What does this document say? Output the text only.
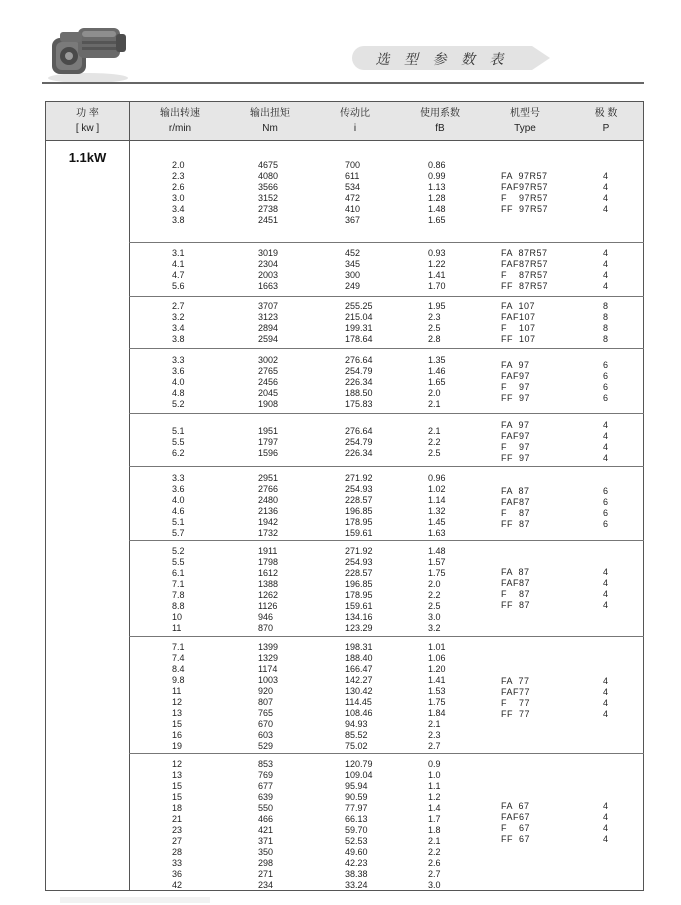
选 型 参 数 表
功 率
[ kw ]
输出转速
r/min
输出扭矩
Nm
传动比
i
使用系数
fB
机型号
Type
极 数
P
1.1kW	2.0
2.3
2.6
3.0
3.4
3.8
4675
4080
3566
3152
2738
2451
700
611
534
472
410
367
0.86
0.99
1.13
1.28
1.48
1.65
FA  97R57
FAF97R57
F    97R57
FF  97R57
4
4
4
4
3.1
4.1
4.7
5.6
3019
2304
2003
1663
452
345
300
249
0.93
1.22
1.41
1.70
FA  87R57
FAF87R57
F    87R57
FF  87R57
4
4
4
4
2.7
3.2
3.4
3.8
3707
3123
2894
2594
255.25
215.04
199.31
178.64
1.95
2.3
2.5
2.8
FA  107
FAF107
F    107
FF  107
8
8
8
8
3.3
3.6
4.0
4.8
5.2
3002
2765
2456
2045
1908
276.64
254.79
226.34
188.50
175.83
1.35
1.46
1.65
2.0
2.1
FA  97
FAF97
F    97
FF  97
6
6
6
6
5.1
5.5
6.2
1951
1797
1596
276.64
254.79
226.34
2.1
2.2
2.5
FA  97
FAF97
F    97
FF  97
4
4
4
4
3.3
3.6
4.0
4.6
5.1
5.7
2951
2766
2480
2136
1942
1732
271.92
254.93
228.57
196.85
178.95
159.61
0.96
1.02
1.14
1.32
1.45
1.63
FA  87
FAF87
F    87
FF  87
6
6
6
6
5.2
5.5
6.1
7.1
7.8
8.8
10
11
1911
1798
1612
1388
1262
1126
946
870
271.92
254.93
228.57
196.85
178.95
159.61
134.16
123.29
1.48
1.57
1.75
2.0
2.2
2.5
3.0
3.2
FA  87
FAF87
F    87
FF  87
4
4
4
4
7.1
7.4
8.4
9.8
11
12
13
15
16
19
1399
1329
1174
1003
920
807
765
670
603
529
198.31
188.40
166.47
142.27
130.42
114.45
108.46
94.93
85.52
75.02
1.01
1.06
1.20
1.41
1.53
1.75
1.84
2.1
2.3
2.7
FA  77
FAF77
F    77
FF  77
4
4
4
4
12
13
15
15
18
21
23
27
28
33
36
42
853
769
677
639
550
466
421
371
350
298
271
234
120.79
109.04
95.94
90.59
77.97
66.13
59.70
52.53
49.60
42.23
38.38
33.24
0.9
1.0
1.1
1.2
1.4
1.7
1.8
2.1
2.2
2.6
2.7
3.0
FA  67
FAF67
F    67
FF  67
4
4
4
4
